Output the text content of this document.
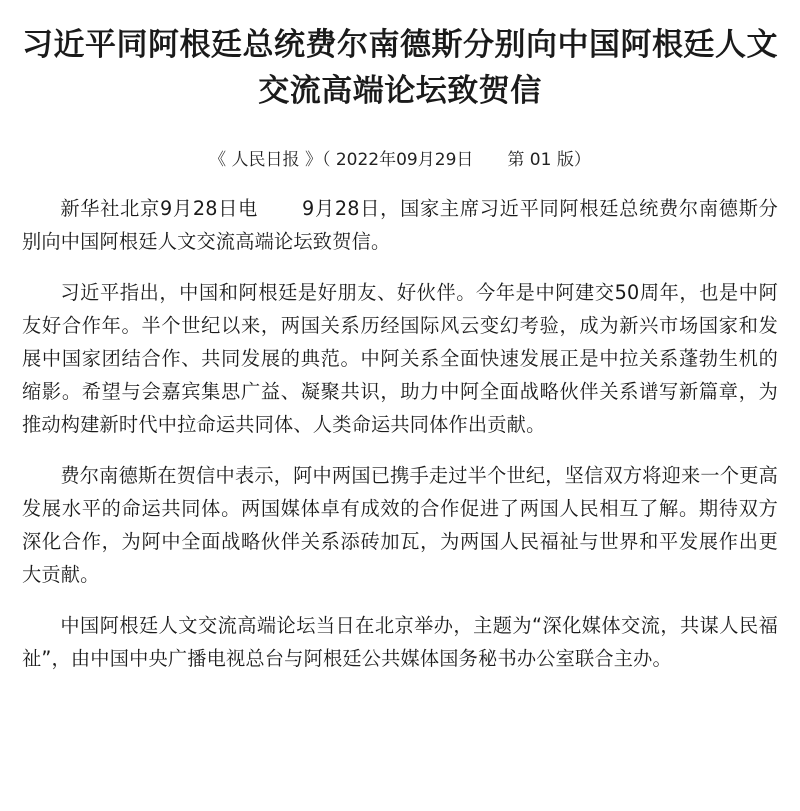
习近平同阿根廷总统费尔南德斯分别向中国阿根廷人文交流高端论坛致贺信
《 人民日报 》（ 2022年09月29日 第 01 版）

新华社北京9月28日电 9月28日，国家主席习近平同阿根廷总统费尔南德斯分别向中国阿根廷人文交流高端论坛致贺信。

习近平指出，中国和阿根廷是好朋友、好伙伴。今年是中阿建交50周年，也是中阿友好合作年。半个世纪以来，两国关系历经国际风云变幻考验，成为新兴市场国家和发展中国家团结合作、共同发展的典范。中阿关系全面快速发展正是中拉关系蓬勃生机的缩影。希望与会嘉宾集思广益、凝聚共识，助力中阿全面战略伙伴关系谱写新篇章，为推动构建新时代中拉命运共同体、人类命运共同体作出贡献。

费尔南德斯在贺信中表示，阿中两国已携手走过半个世纪，坚信双方将迎来一个更高发展水平的命运共同体。两国媒体卓有成效的合作促进了两国人民相互了解。期待双方深化合作，为阿中全面战略伙伴关系添砖加瓦，为两国人民福祉与世界和平发展作出更大贡献。

中国阿根廷人文交流高端论坛当日在北京举办，主题为“深化媒体交流，共谋人民福祉”，由中国中央广播电视总台与阿根廷公共媒体国务秘书办公室联合主办。
